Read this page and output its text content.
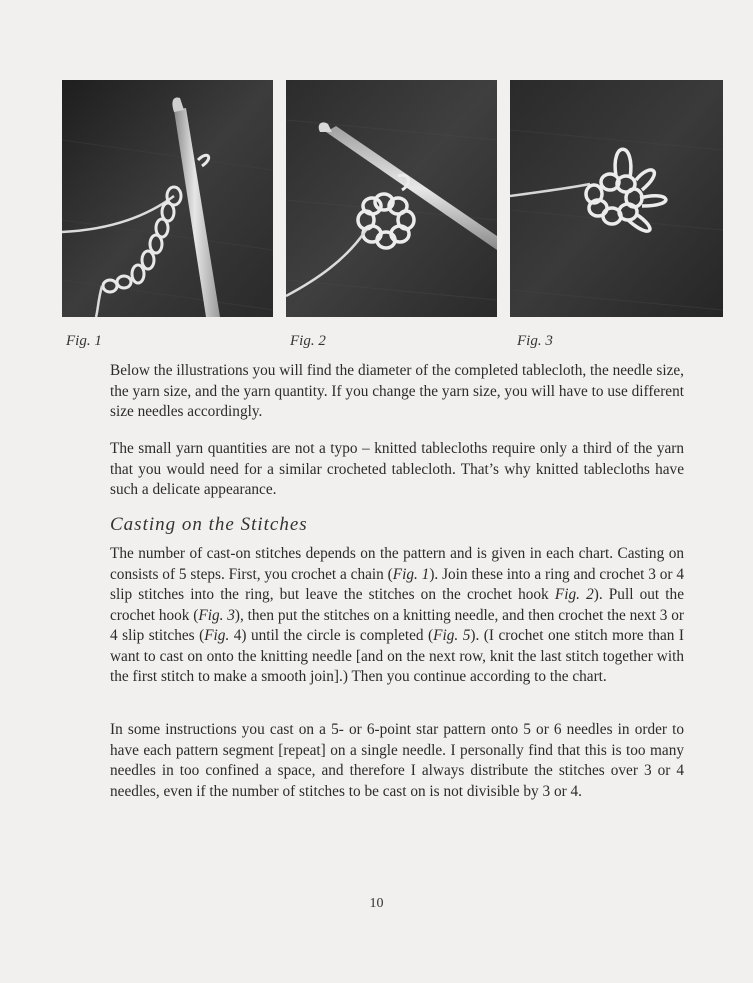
Fig. 1	Fig. 2	Fig. 3

Below the illustrations you will find the diameter of the completed tablecloth, the needle size, the yarn size, and the yarn quantity. If you change the yarn size, you will have to use different size needles accordingly.

The small yarn quantities are not a typo – knitted tablecloths require only a third of the yarn that you would need for a similar crocheted tablecloth. That’s why knitted tablecloths have such a delicate appearance.

Casting on the Stitches

The number of cast-on stitches depends on the pattern and is given in each chart. Casting on consists of 5 steps. First, you crochet a chain (Fig. 1). Join these into a ring and crochet 3 or 4 slip stitches into the ring, but leave the stitches on the crochet hook Fig. 2). Pull out the crochet hook (Fig. 3), then put the stitches on a knitting needle, and then crochet the next 3 or 4 slip stitches (Fig. 4) until the circle is completed (Fig. 5). (I crochet one stitch more than I want to cast on onto the knitting needle [and on the next row, knit the last stitch together with the first stitch to make a smooth join].) Then you continue according to the chart.

In some instructions you cast on a 5- or 6-point star pattern onto 5 or 6 needles in order to have each pattern segment [repeat] on a single needle. I personally find that this is too many needles in too confined a space, and therefore I always distribute the stitches over 3 or 4 needles, even if the number of stitches to be cast on is not divisible by 3 or 4.

10
